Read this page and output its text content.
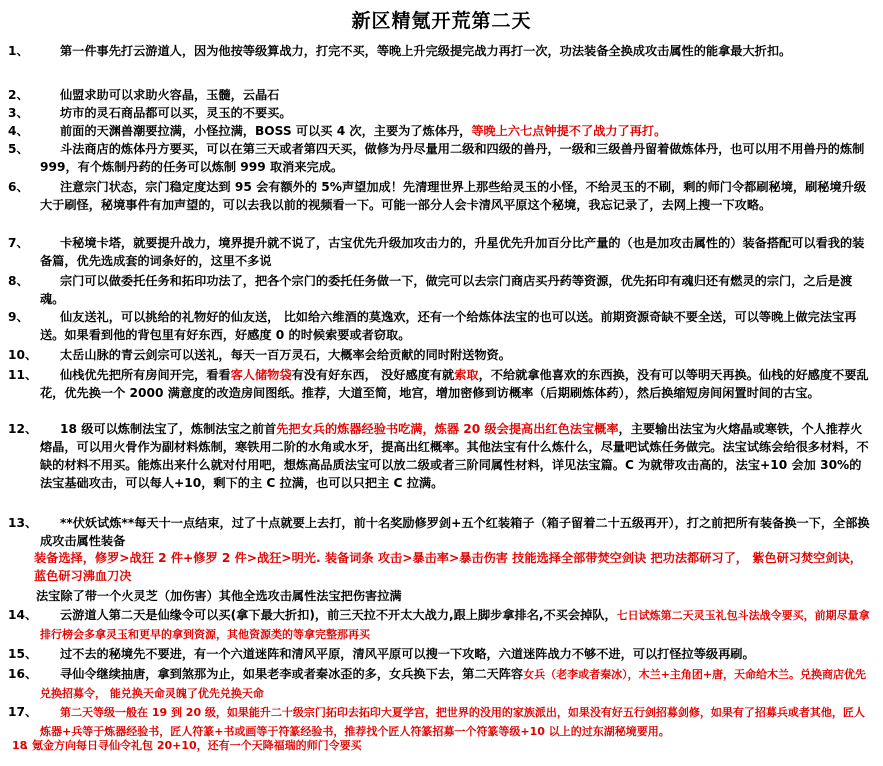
新区精氪开荒第二天
1、	第一件事先打云游道人，因为他按等级算战力，打完不买，等晚上升完级提完战力再打一次，功法装备全换成攻击属性的能拿最大折扣。
2、	仙盟求助可以求助火容晶，玉髓，云晶石
3、	坊市的灵石商品都可以买，灵玉的不要买。
4、	前面的天渊兽潮要拉满，小怪拉满，BOSS 可以买 4 次，主要为了炼体丹，等晚上六七点钟提不了战力了再打。
5、	斗法商店的炼体丹方要买，可以在第三天或者第四天买，做修为丹尽量用二级和四级的兽丹，一级和三级兽丹留着做炼体丹，也可以用不用兽丹的炼制 999，有个炼制丹药的任务可以炼制 999 取消来完成。
6、	注意宗门状态，宗门稳定度达到 95 会有额外的 5%声望加成！先清理世界上那些给灵玉的小怪，不给灵玉的不刷，剩的师门令都刷秘境，刷秘境升级大于刷怪，秘境事件有加声望的，可以去我以前的视频看一下。可能一部分人会卡清风平原这个秘境，我忘记录了，去网上搜一下攻略。
7、	卡秘境卡塔，就要提升战力，境界提升就不说了，古宝优先升级加攻击力的，升星优先升加百分比产量的（也是加攻击属性的）装备搭配可以看我的装备篇，优先选成套的词条好的，这里不多说
8、	宗门可以做委托任务和拓印功法了，把各个宗门的委托任务做一下，做完可以去宗门商店买丹药等资源，优先拓印有魂归还有燃灵的宗门，之后是渡魂。
9、	仙友送礼，可以挑给的礼物好的仙友送， 比如给六维酒的莫逸欢，还有一个给炼体法宝的也可以送。前期资源奇缺不要全送，可以等晚上做完法宝再送。如果看到他的背包里有好东西，好感度 0 的时候索要或者窃取。
10、	太岳山脉的青云剑宗可以送礼，每天一百万灵石，大概率会给贡献的同时附送物资。
11、	仙栈优先把所有房间开完，看看客人储物袋有没有好东西， 没好感度有就索取，不给就拿他喜欢的东西换，没有可以等明天再换。仙栈的好感度不要乱花，优先换一个 2000 满意度的改造房间图纸。推荐，大道至简，地宫，增加密修到访概率（后期刷炼体药），然后换缩短房间闲置时间的古宝。
12、	18 级可以炼制法宝了，炼制法宝之前首先把女兵的炼器经验书吃满，炼器 20 级会提高出红色法宝概率，主要输出法宝为火熔晶或寒铁，个人推荐火熔晶，可以用火骨作为副材料炼制，寒铁用二阶的水角或水牙，提高出红概率。其他法宝有什么炼什么，尽量吧试炼任务做完。法宝试练会给很多材料，不缺的材料不用买。能炼出来什么就对付用吧，想炼高品质法宝可以放二级或者三阶同属性材料，详见法宝篇。C 为就带攻击高的，法宝+10 会加 30%的法宝基础攻击，可以每人+10，剩下的主 C 拉满，也可以只把主 C 拉满。
13、	**伏妖试炼**每天十一点结束，过了十点就要上去打，前十名奖励修罗剑+五个红装箱子（箱子留着二十五级再开），打之前把所有装备换一下，全部换成攻击属性装备
装备选择，修罗>战狂 2 件+修罗 2 件>战狂>明光. 装备词条 攻击>暴击率>暴击伤害 技能选择全部带焚空剑诀 把功法都研习了， 紫色研习焚空剑诀，蓝色研习沸血刀决
法宝除了带一个火灵芝（加伤害）其他全选攻击属性法宝把伤害拉满
14、	云游道人第二天是仙缘令可以买(拿下最大折扣)，前三天拉不开太大战力,跟上脚步拿排名,不买会掉队，七日试炼第二天灵玉礼包斗法战令要买，前期尽量拿排行榜会多拿灵玉和更早的拿到资源，其他资源类的等拿完整那再买
15、	过不去的秘境先不要进，有一个六道迷阵和清风平原，清风平原可以搜一下攻略，六道迷阵战力不够不进，可以打怪拉等级再刷。
16、	寻仙令继续抽唐，拿到煞那为止，如果老李或者秦冰歪的多，女兵换下去，第二天阵容女兵（老李或者秦冰），木兰+主角团+唐，天命给木兰。兑换商店优先兑换招募令， 能兑换天命灵魄了优先兑换天命
17、	第二天等级一般在 19 到 20 级，如果能升二十级宗门拓印去拓印大夏学宫，把世界的没用的家族派出，如果没有好五行剑招募剑修，如果有了招募兵或者其他，匠人炼器+兵等于炼器经验书，匠人符篆+书或画等于符篆经验书，推荐找个匠人符篆招募一个符篆等级+10 以上的过东湖秘境要用。
18
. 氪金方向每日寻仙令礼包 20+10，还有一个天降福瑞的师门令要买
